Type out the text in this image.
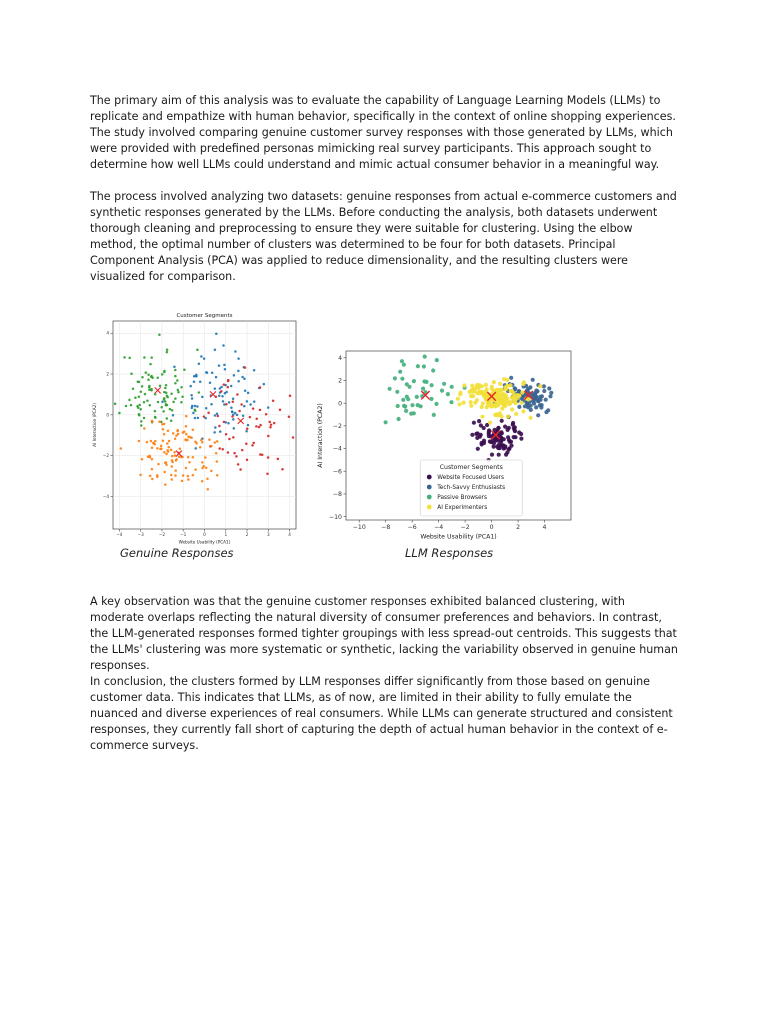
The primary aim of this analysis was to evaluate the capability of Language Learning Models (LLMs) to replicate and empathize with human behavior, specifically in the context of online shopping experiences. The study involved comparing genuine customer survey responses with those generated by LLMs, which were provided with predefined personas mimicking real survey participants. This approach sought to determine how well LLMs could understand and mimic actual consumer behavior in a meaningful way.

The process involved analyzing two datasets: genuine responses from actual e-commerce customers and synthetic responses generated by the LLMs. Before conducting the analysis, both datasets underwent thorough cleaning and preprocessing to ensure they were suitable for clustering. Using the elbow method, the optimal number of clusters was determined to be four for both datasets. Principal Component Analysis (PCA) was applied to reduce dimensionality, and the resulting clusters were visualized for comparison.

−4	−3	−2	−1	0	1	2	3	4
−4
−2
0
2
4
Customer Segments
Website Usability (PCA1)
AI Interaction (PCA2)
−10 −8	−6	−4	−2	0	2	4
−10
−8
−6
−4
−2
0
2
4
Website Usability (PCA1)
AI Interaction (PCA2)	Customer Segments
Website Focused Users
Tech-Savvy Enthusiasts
Passive Browsers
AI Experimenters
Genuine Responses	LLM Responses

A key observation was that the genuine customer responses exhibited balanced clustering, with moderate overlaps reflecting the natural diversity of consumer preferences and behaviors. In contrast, the LLM-generated responses formed tighter groupings with less spread-out centroids. This suggests that the LLMs' clustering was more systematic or synthetic, lacking the variability observed in genuine human responses.

In conclusion, the clusters formed by LLM responses differ significantly from those based on genuine customer data. This indicates that LLMs, as of now, are limited in their ability to fully emulate the nuanced and diverse experiences of real consumers. While LLMs can generate structured and consistent responses, they currently fall short of capturing the depth of actual human behavior in the context of e-commerce surveys.
